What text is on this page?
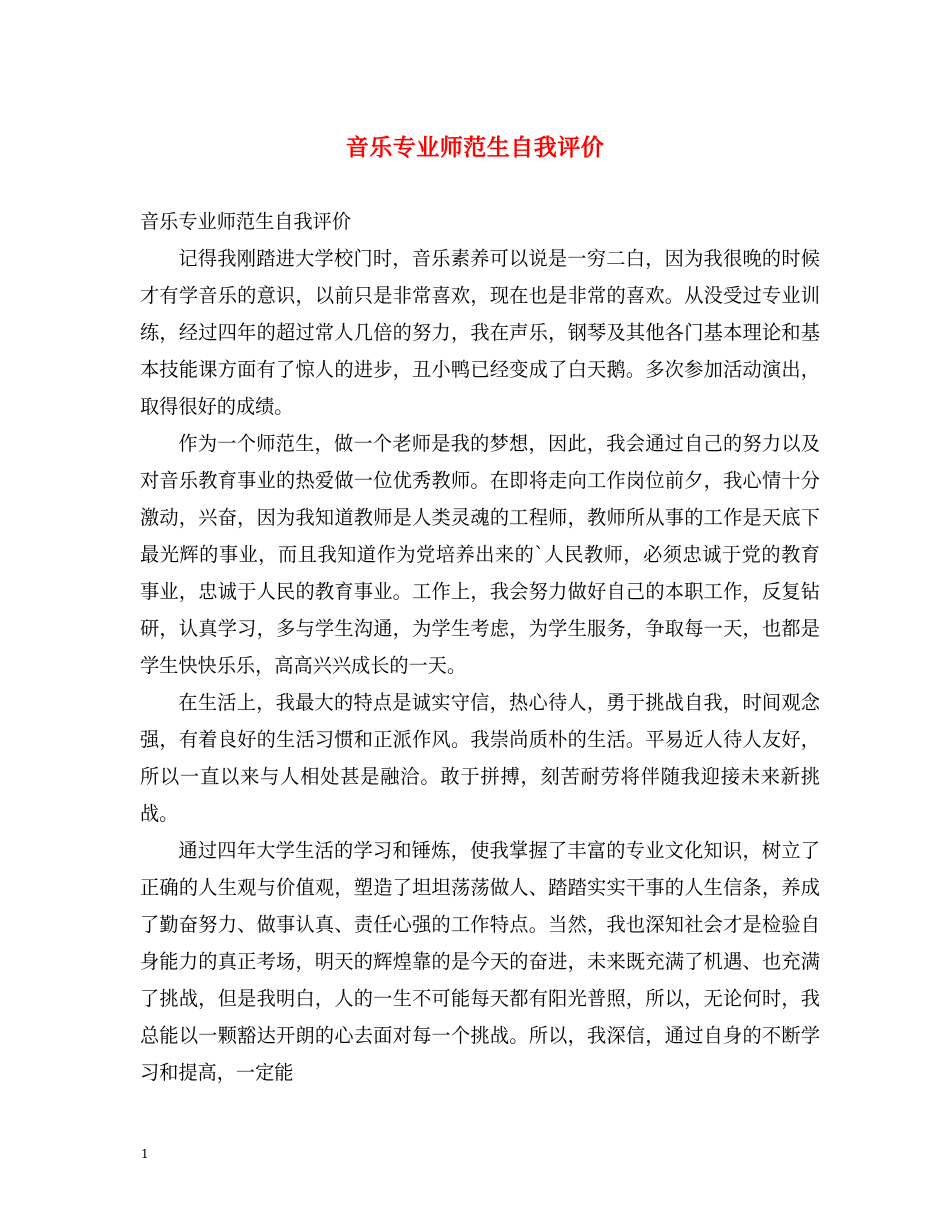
音乐专业师范生自我评价

音乐专业师范生自我评价

记得我刚踏进大学校门时，音乐素养可以说是一穷二白，因为我很晚的时候才有学音乐的意识，以前只是非常喜欢，现在也是非常的喜欢。从没受过专业训练，经过四年的超过常人几倍的努力，我在声乐，钢琴及其他各门基本理论和基本技能课方面有了惊人的进步，丑小鸭已经变成了白天鹅。多次参加活动演出，取得很好的成绩。

作为一个师范生，做一个老师是我的梦想，因此，我会通过自己的努力以及对音乐教育事业的热爱做一位优秀教师。在即将走向工作岗位前夕，我心情十分激动，兴奋，因为我知道教师是人类灵魂的工程师，教师所从事的工作是天底下最光辉的事业，而且我知道作为党培养出来的`人民教师，必须忠诚于党的教育事业，忠诚于人民的教育事业。工作上，我会努力做好自己的本职工作，反复钻研，认真学习，多与学生沟通，为学生考虑，为学生服务，争取每一天，也都是学生快快乐乐，高高兴兴成长的一天。

在生活上，我最大的特点是诚实守信，热心待人，勇于挑战自我，时间观念强，有着良好的生活习惯和正派作风。我崇尚质朴的生活。平易近人待人友好，所以一直以来与人相处甚是融洽。敢于拼搏，刻苦耐劳将伴随我迎接未来新挑战。

通过四年大学生活的学习和锤炼，使我掌握了丰富的专业文化知识，树立了正确的人生观与价值观，塑造了坦坦荡荡做人、踏踏实实干事的人生信条，养成了勤奋努力、做事认真、责任心强的工作特点。当然，我也深知社会才是检验自身能力的真正考场，明天的辉煌靠的是今天的奋进，未来既充满了机遇、也充满了挑战，但是我明白，人的一生不可能每天都有阳光普照，所以，无论何时，我总能以一颗豁达开朗的心去面对每一个挑战。所以，我深信，通过自身的不断学习和提高，一定能

1
